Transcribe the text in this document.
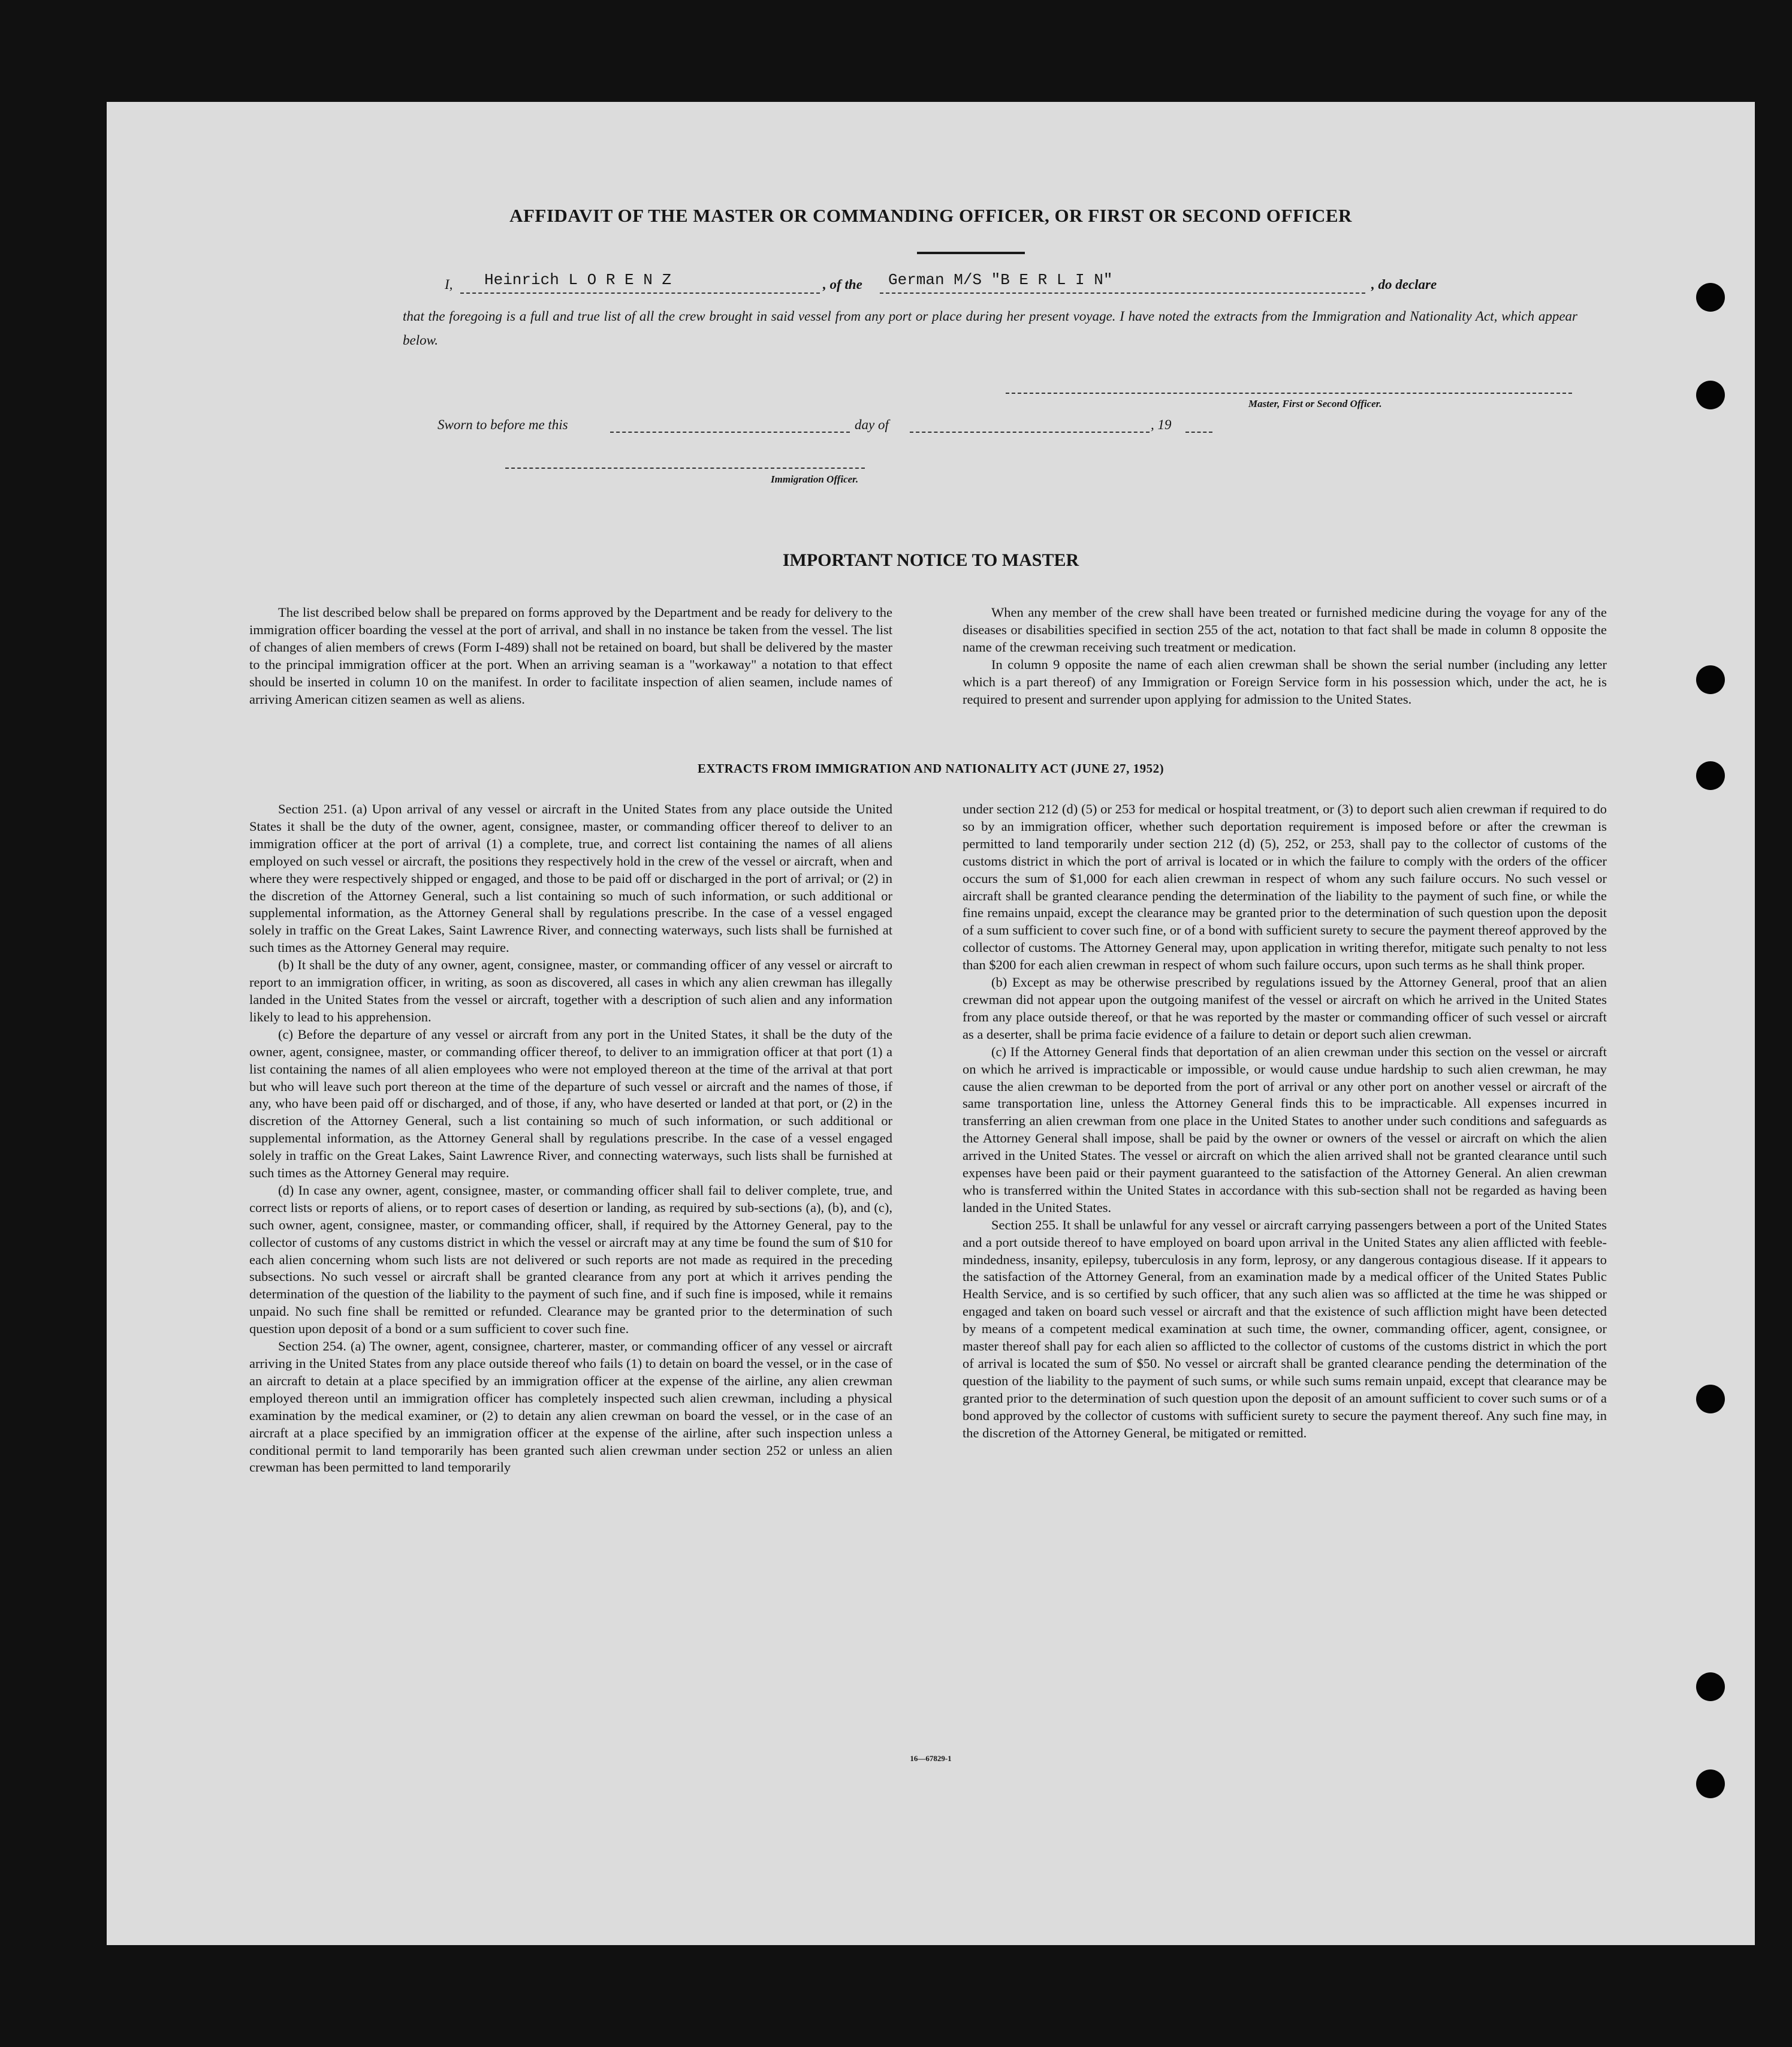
AFFIDAVIT OF THE MASTER OR COMMANDING OFFICER, OR FIRST OR SECOND OFFICER
I, Heinrich L O R E N Z	, of the German M/S "B E R L I N"	, do declare
that the foregoing is a full and true list of all the crew brought in said vessel from any port or place during her present voyage. I have noted the extracts from the Immigration and Nationality Act, which appear below.
Master, First or Second Officer.
Sworn to before me this	day of	, 19
Immigration Officer.
IMPORTANT NOTICE TO MASTER

The list described below shall be prepared on forms approved by the Department and be ready for delivery to the immigration officer boarding the vessel at the port of arrival, and shall in no instance be taken from the vessel. The list of changes of alien members of crews (Form I-489) shall not be retained on board, but shall be delivered by the master to the principal immigration officer at the port. When an arriving seaman is a "workaway" a notation to that effect should be inserted in column 10 on the manifest. In order to facilitate inspection of alien seamen, include names of arriving American citizen seamen as well as aliens.

When any member of the crew shall have been treated or furnished medicine during the voyage for any of the diseases or disabilities specified in section 255 of the act, notation to that fact shall be made in column 8 opposite the name of the crewman receiving such treatment or medication.

In column 9 opposite the name of each alien crewman shall be shown the serial number (including any letter which is a part thereof) of any Immigration or Foreign Service form in his possession which, under the act, he is required to present and surrender upon applying for admission to the United States.

EXTRACTS FROM IMMIGRATION AND NATIONALITY ACT (JUNE 27, 1952)

Section 251. (a) Upon arrival of any vessel or aircraft in the United States from any place outside the United States it shall be the duty of the owner, agent, consignee, master, or commanding officer thereof to deliver to an immigration officer at the port of arrival (1) a complete, true, and correct list containing the names of all aliens employed on such vessel or aircraft, the positions they respectively hold in the crew of the vessel or aircraft, when and where they were respectively shipped or engaged, and those to be paid off or discharged in the port of arrival; or (2) in the discretion of the Attorney General, such a list containing so much of such information, or such additional or supplemental information, as the Attorney General shall by regulations prescribe. In the case of a vessel engaged solely in traffic on the Great Lakes, Saint Lawrence River, and connecting waterways, such lists shall be furnished at such times as the Attorney General may require.

(b) It shall be the duty of any owner, agent, consignee, master, or commanding officer of any vessel or aircraft to report to an immigration officer, in writing, as soon as discovered, all cases in which any alien crewman has illegally landed in the United States from the vessel or aircraft, together with a description of such alien and any information likely to lead to his apprehension.

(c) Before the departure of any vessel or aircraft from any port in the United States, it shall be the duty of the owner, agent, consignee, master, or commanding officer thereof, to deliver to an immigration officer at that port (1) a list containing the names of all alien employees who were not employed thereon at the time of the arrival at that port but who will leave such port thereon at the time of the departure of such vessel or aircraft and the names of those, if any, who have been paid off or discharged, and of those, if any, who have deserted or landed at that port, or (2) in the discretion of the Attorney General, such a list containing so much of such information, or such additional or supplemental information, as the Attorney General shall by regulations prescribe. In the case of a vessel engaged solely in traffic on the Great Lakes, Saint Lawrence River, and connecting waterways, such lists shall be furnished at such times as the Attorney General may require.

(d) In case any owner, agent, consignee, master, or commanding officer shall fail to deliver complete, true, and correct lists or reports of aliens, or to report cases of desertion or landing, as required by sub-sections (a), (b), and (c), such owner, agent, consignee, master, or commanding officer, shall, if required by the Attorney General, pay to the collector of customs of any customs district in which the vessel or aircraft may at any time be found the sum of $10 for each alien concerning whom such lists are not delivered or such reports are not made as required in the preceding subsections. No such vessel or aircraft shall be granted clearance from any port at which it arrives pending the determination of the question of the liability to the payment of such fine, and if such fine is imposed, while it remains unpaid. No such fine shall be remitted or refunded. Clearance may be granted prior to the determination of such question upon deposit of a bond or a sum sufficient to cover such fine.

Section 254. (a) The owner, agent, consignee, charterer, master, or commanding officer of any vessel or aircraft arriving in the United States from any place outside thereof who fails (1) to detain on board the vessel, or in the case of an aircraft to detain at a place specified by an immigration officer at the expense of the airline, any alien crewman employed thereon until an immigration officer has completely inspected such alien crewman, including a physical examination by the medical examiner, or (2) to detain any alien crewman on board the vessel, or in the case of an aircraft at a place specified by an immigration officer at the expense of the airline, after such inspection unless a conditional permit to land temporarily has been granted such alien crewman under section 252 or unless an alien crewman has been permitted to land temporarily

under section 212 (d) (5) or 253 for medical or hospital treatment, or (3) to deport such alien crewman if required to do so by an immigration officer, whether such deportation requirement is imposed before or after the crewman is permitted to land temporarily under section 212 (d) (5), 252, or 253, shall pay to the collector of customs of the customs district in which the port of arrival is located or in which the failure to comply with the orders of the officer occurs the sum of $1,000 for each alien crewman in respect of whom any such failure occurs. No such vessel or aircraft shall be granted clearance pending the determination of the liability to the payment of such fine, or while the fine remains unpaid, except the clearance may be granted prior to the determination of such question upon the deposit of a sum sufficient to cover such fine, or of a bond with sufficient surety to secure the payment thereof approved by the collector of customs. The Attorney General may, upon application in writing therefor, mitigate such penalty to not less than $200 for each alien crewman in respect of whom such failure occurs, upon such terms as he shall think proper.

(b) Except as may be otherwise prescribed by regulations issued by the Attorney General, proof that an alien crewman did not appear upon the outgoing manifest of the vessel or aircraft on which he arrived in the United States from any place outside thereof, or that he was reported by the master or commanding officer of such vessel or aircraft as a deserter, shall be prima facie evidence of a failure to detain or deport such alien crewman.

(c) If the Attorney General finds that deportation of an alien crewman under this section on the vessel or aircraft on which he arrived is impracticable or impossible, or would cause undue hardship to such alien crewman, he may cause the alien crewman to be deported from the port of arrival or any other port on another vessel or aircraft of the same transportation line, unless the Attorney General finds this to be impracticable. All expenses incurred in transferring an alien crewman from one place in the United States to another under such conditions and safeguards as the Attorney General shall impose, shall be paid by the owner or owners of the vessel or aircraft on which the alien arrived in the United States. The vessel or aircraft on which the alien arrived shall not be granted clearance until such expenses have been paid or their payment guaranteed to the satisfaction of the Attorney General. An alien crewman who is transferred within the United States in accordance with this sub-section shall not be regarded as having been landed in the United States.

Section 255. It shall be unlawful for any vessel or aircraft carrying passengers between a port of the United States and a port outside thereof to have employed on board upon arrival in the United States any alien afflicted with feeble-mindedness, insanity, epilepsy, tuberculosis in any form, leprosy, or any dangerous contagious disease. If it appears to the satisfaction of the Attorney General, from an examination made by a medical officer of the United States Public Health Service, and is so certified by such officer, that any such alien was so afflicted at the time he was shipped or engaged and taken on board such vessel or aircraft and that the existence of such affliction might have been detected by means of a competent medical examination at such time, the owner, commanding officer, agent, consignee, or master thereof shall pay for each alien so afflicted to the collector of customs of the customs district in which the port of arrival is located the sum of $50. No vessel or aircraft shall be granted clearance pending the determination of the question of the liability to the payment of such sums, or while such sums remain unpaid, except that clearance may be granted prior to the determination of such question upon the deposit of an amount sufficient to cover such sums or of a bond approved by the collector of customs with sufficient surety to secure the payment thereof. Any such fine may, in the discretion of the Attorney General, be mitigated or remitted.

16—67829-1
